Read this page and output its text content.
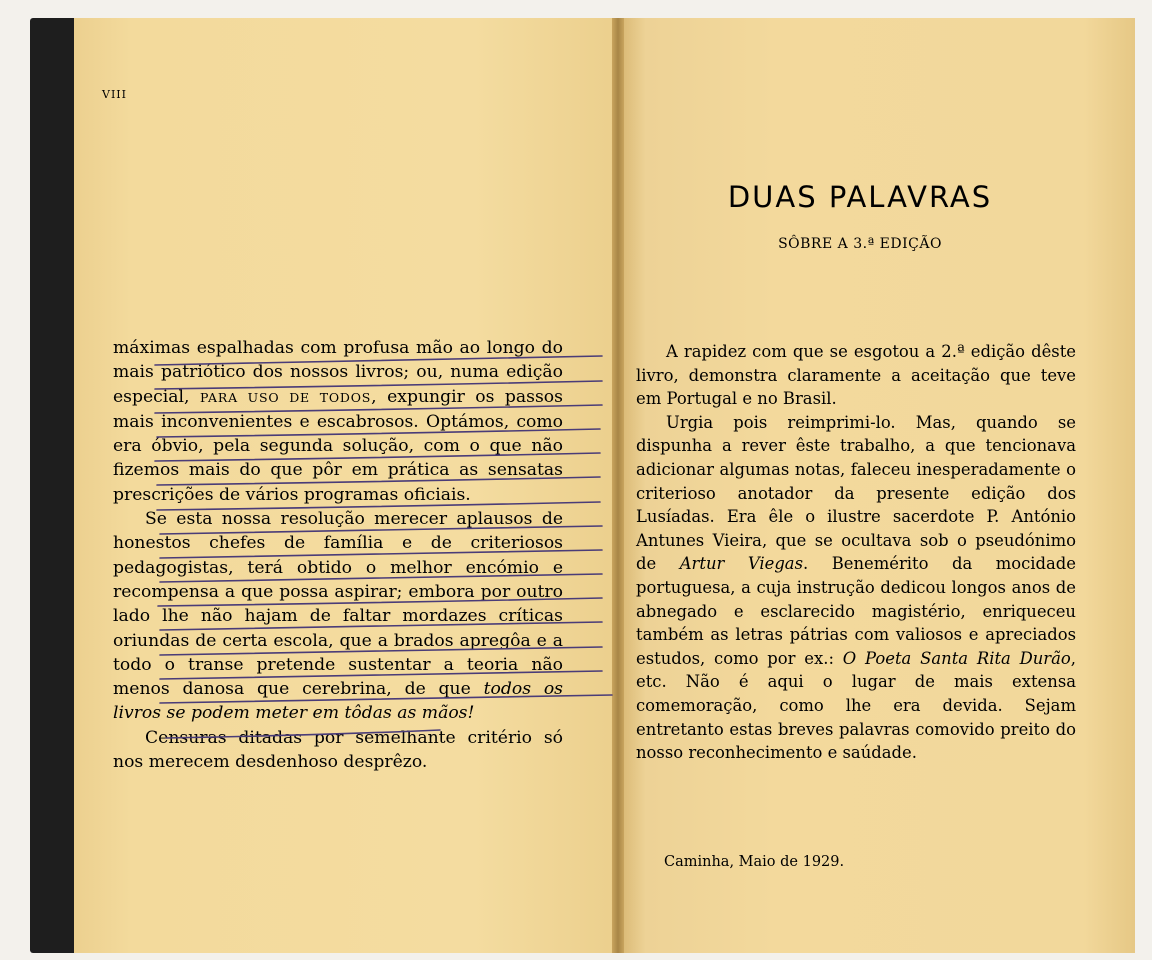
VIII

máximas espalhadas com profusa mão ao longo do mais patriótico dos nossos livros; ou, numa edição especial, PARA USO DE TODOS, expungir os passos mais inconvenientes e escabrosos. Optámos, como era óbvio, pela segunda solução, com o que não fizemos mais do que pôr em prática as sensatas prescrições de vários programas oficiais.

Se esta nossa resolução merecer aplausos de honestos chefes de família e de criteriosos pedagogistas, terá obtido o melhor encómio e recompensa a que possa aspirar; embora por outro lado lhe não hajam de faltar mordazes críticas oriundas de certa escola, que a brados apregôa e a todo o transe pretende sustentar a teoria não menos danosa que cerebrina, de que todos os livros se podem meter em tôdas as mãos!

Censuras ditadas por semelhante critério só nos merecem desdenhoso desprêzo.

DUAS PALAVRAS
SÔBRE A 3.ª EDIÇÃO

A rapidez com que se esgotou a 2.ª edição dêste livro, demonstra claramente a aceitação que teve em Portugal e no Brasil.

Urgia pois reimprimi-lo. Mas, quando se dispunha a rever êste trabalho, a que tencionava adicionar algumas notas, faleceu inesperadamente o criterioso anotador da presente edição dos Lusíadas. Era êle o ilustre sacerdote P. António Antunes Vieira, que se ocultava sob o pseudónimo de Artur Viegas. Benemérito da mocidade portuguesa, a cuja instrução dedicou longos anos de abnegado e esclarecido magistério, enriqueceu também as letras pátrias com valiosos e apreciados estudos, como por ex.: O Poeta Santa Rita Durão, etc. Não é aqui o lugar de mais extensa comemoração, como lhe era devida. Sejam entretanto estas breves palavras comovido preito do nosso reconhecimento e saúdade.

Caminha, Maio de 1929.
